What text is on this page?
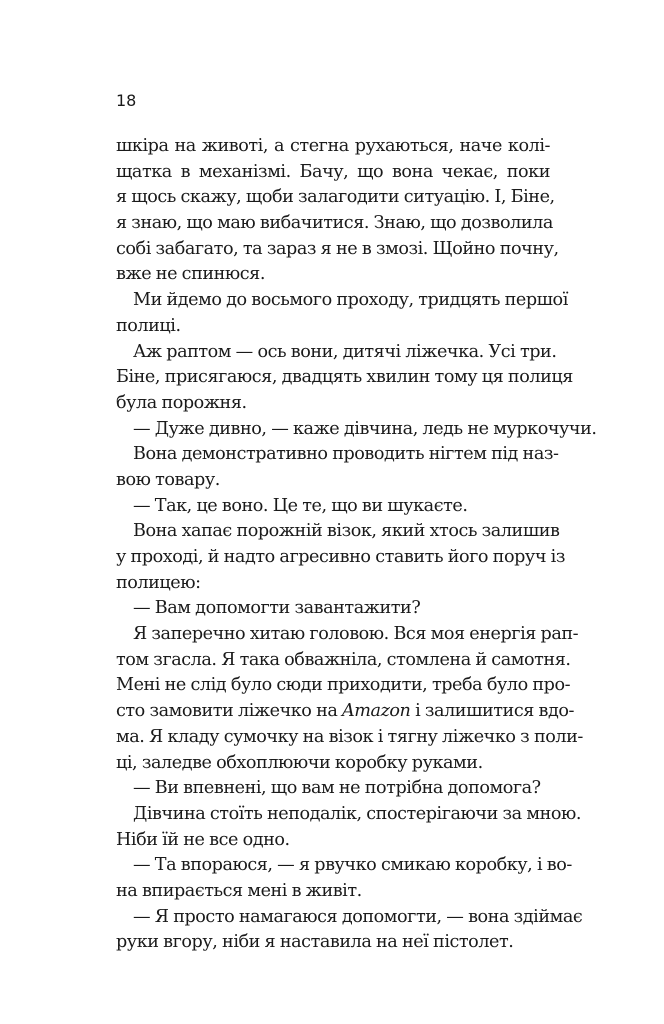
18
шкіра на животі, а стегна рухаються, наче колі-
щатка в механізмі. Бачу, що вона чекає, поки
я щось скажу, щоби залагодити ситуацію. І, Біне,
я знаю, що маю вибачитися. Знаю, що дозволила
собі забагато, та зараз я не в змозі. Щойно почну,
вже не спинюся.
Ми йдемо до восьмого проходу, тридцять першої
полиці.
Аж раптом — ось вони, дитячі ліжечка. Усі три.
Біне, присягаюся, двадцять хвилин тому ця полиця
була порожня.
— Дуже дивно, — каже дівчина, ледь не муркочучи.
Вона демонстративно проводить нігтем під наз-
вою товару.
— Так, це воно. Це те, що ви шукаєте.
Вона хапає порожній візок, який хтось залишив
у проході, й надто агресивно ставить його поруч із
полицею:
— Вам допомогти завантажити?
Я заперечно хитаю головою. Вся моя енергія рап-
том згасла. Я така обважніла, стомлена й самотня.
Мені не слід було сюди приходити, треба було про-
сто замовити ліжечко на Amazon і залишитися вдо-
ма. Я кладу сумочку на візок і тягну ліжечко з поли-
ці, заледве обхоплюючи коробку руками.
— Ви впевнені, що вам не потрібна допомога?
Дівчина стоїть неподалік, спостерігаючи за мною.
Ніби їй не все одно.
— Та впораюся, — я рвучко смикаю коробку, і во-
на впирається мені в живіт.
— Я просто намагаюся допомогти, — вона здіймає
руки вгору, ніби я наставила на неї пістолет.
